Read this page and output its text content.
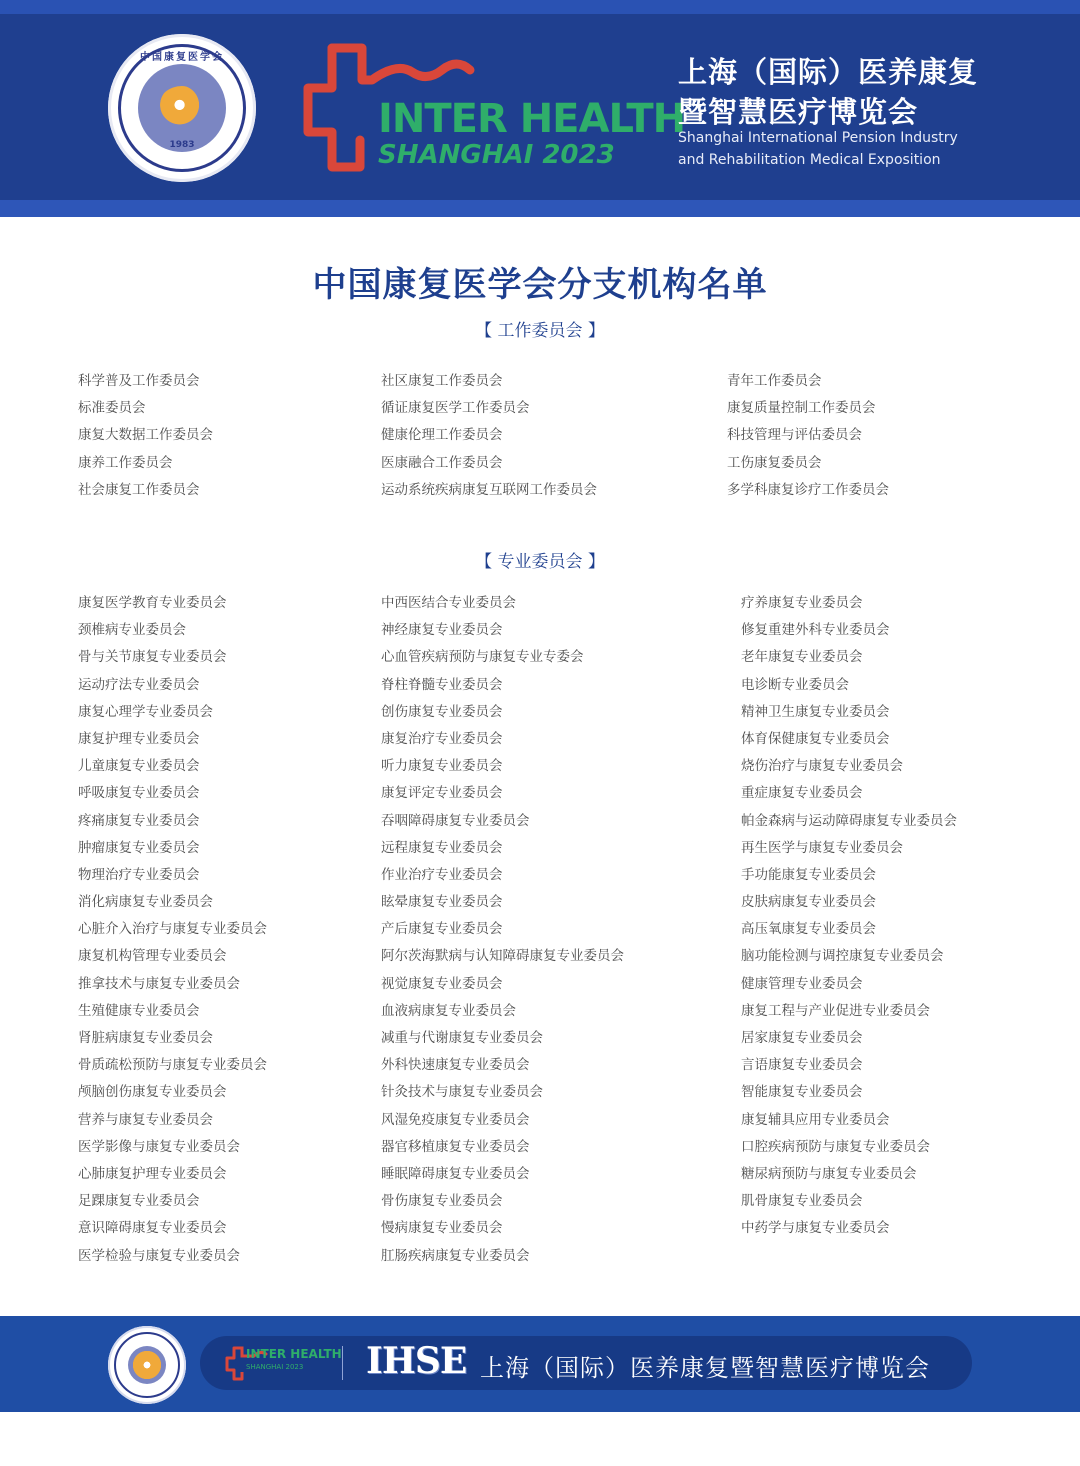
中国康复医学会
1983
INTER HEALTH
SHANGHAI 2023
上海（国际）医养康复
暨智慧医疗博览会
Shanghai International Pension Industry
and Rehabilitation Medical Exposition
中国康复医学会分支机构名单
【 工作委员会 】
科学普及工作委员会
标准委员会
康复大数据工作委员会
康养工作委员会
社会康复工作委员会
社区康复工作委员会
循证康复医学工作委员会
健康伦理工作委员会
医康融合工作委员会
运动系统疾病康复互联网工作委员会
青年工作委员会
康复质量控制工作委员会
科技管理与评估委员会
工伤康复委员会
多学科康复诊疗工作委员会
【 专业委员会 】
康复医学教育专业委员会
颈椎病专业委员会
骨与关节康复专业委员会
运动疗法专业委员会
康复心理学专业委员会
康复护理专业委员会
儿童康复专业委员会
呼吸康复专业委员会
疼痛康复专业委员会
肿瘤康复专业委员会
物理治疗专业委员会
消化病康复专业委员会
心脏介入治疗与康复专业委员会
康复机构管理专业委员会
推拿技术与康复专业委员会
生殖健康专业委员会
肾脏病康复专业委员会
骨质疏松预防与康复专业委员会
颅脑创伤康复专业委员会
营养与康复专业委员会
医学影像与康复专业委员会
心肺康复护理专业委员会
足踝康复专业委员会
意识障碍康复专业委员会
医学检验与康复专业委员会
中西医结合专业委员会
神经康复专业委员会
心血管疾病预防与康复专业专委会
脊柱脊髓专业委员会
创伤康复专业委员会
康复治疗专业委员会
听力康复专业委员会
康复评定专业委员会
吞咽障碍康复专业委员会
远程康复专业委员会
作业治疗专业委员会
眩晕康复专业委员会
产后康复专业委员会
阿尔茨海默病与认知障碍康复专业委员会
视觉康复专业委员会
血液病康复专业委员会
减重与代谢康复专业委员会
外科快速康复专业委员会
针灸技术与康复专业委员会
风湿免疫康复专业委员会
器官移植康复专业委员会
睡眠障碍康复专业委员会
骨伤康复专业委员会
慢病康复专业委员会
肛肠疾病康复专业委员会
疗养康复专业委员会
修复重建外科专业委员会
老年康复专业委员会
电诊断专业委员会
精神卫生康复专业委员会
体育保健康复专业委员会
烧伤治疗与康复专业委员会
重症康复专业委员会
帕金森病与运动障碍康复专业委员会
再生医学与康复专业委员会
手功能康复专业委员会
皮肤病康复专业委员会
高压氧康复专业委员会
脑功能检测与调控康复专业委员会
健康管理专业委员会
康复工程与产业促进专业委员会
居家康复专业委员会
言语康复专业委员会
智能康复专业委员会
康复辅具应用专业委员会
口腔疾病预防与康复专业委员会
糖尿病预防与康复专业委员会
肌骨康复专业委员会
中药学与康复专业委员会
INTER HEALTH
SHANGHAI 2023 IHSE 上海（国际）医养康复暨智慧医疗博览会
